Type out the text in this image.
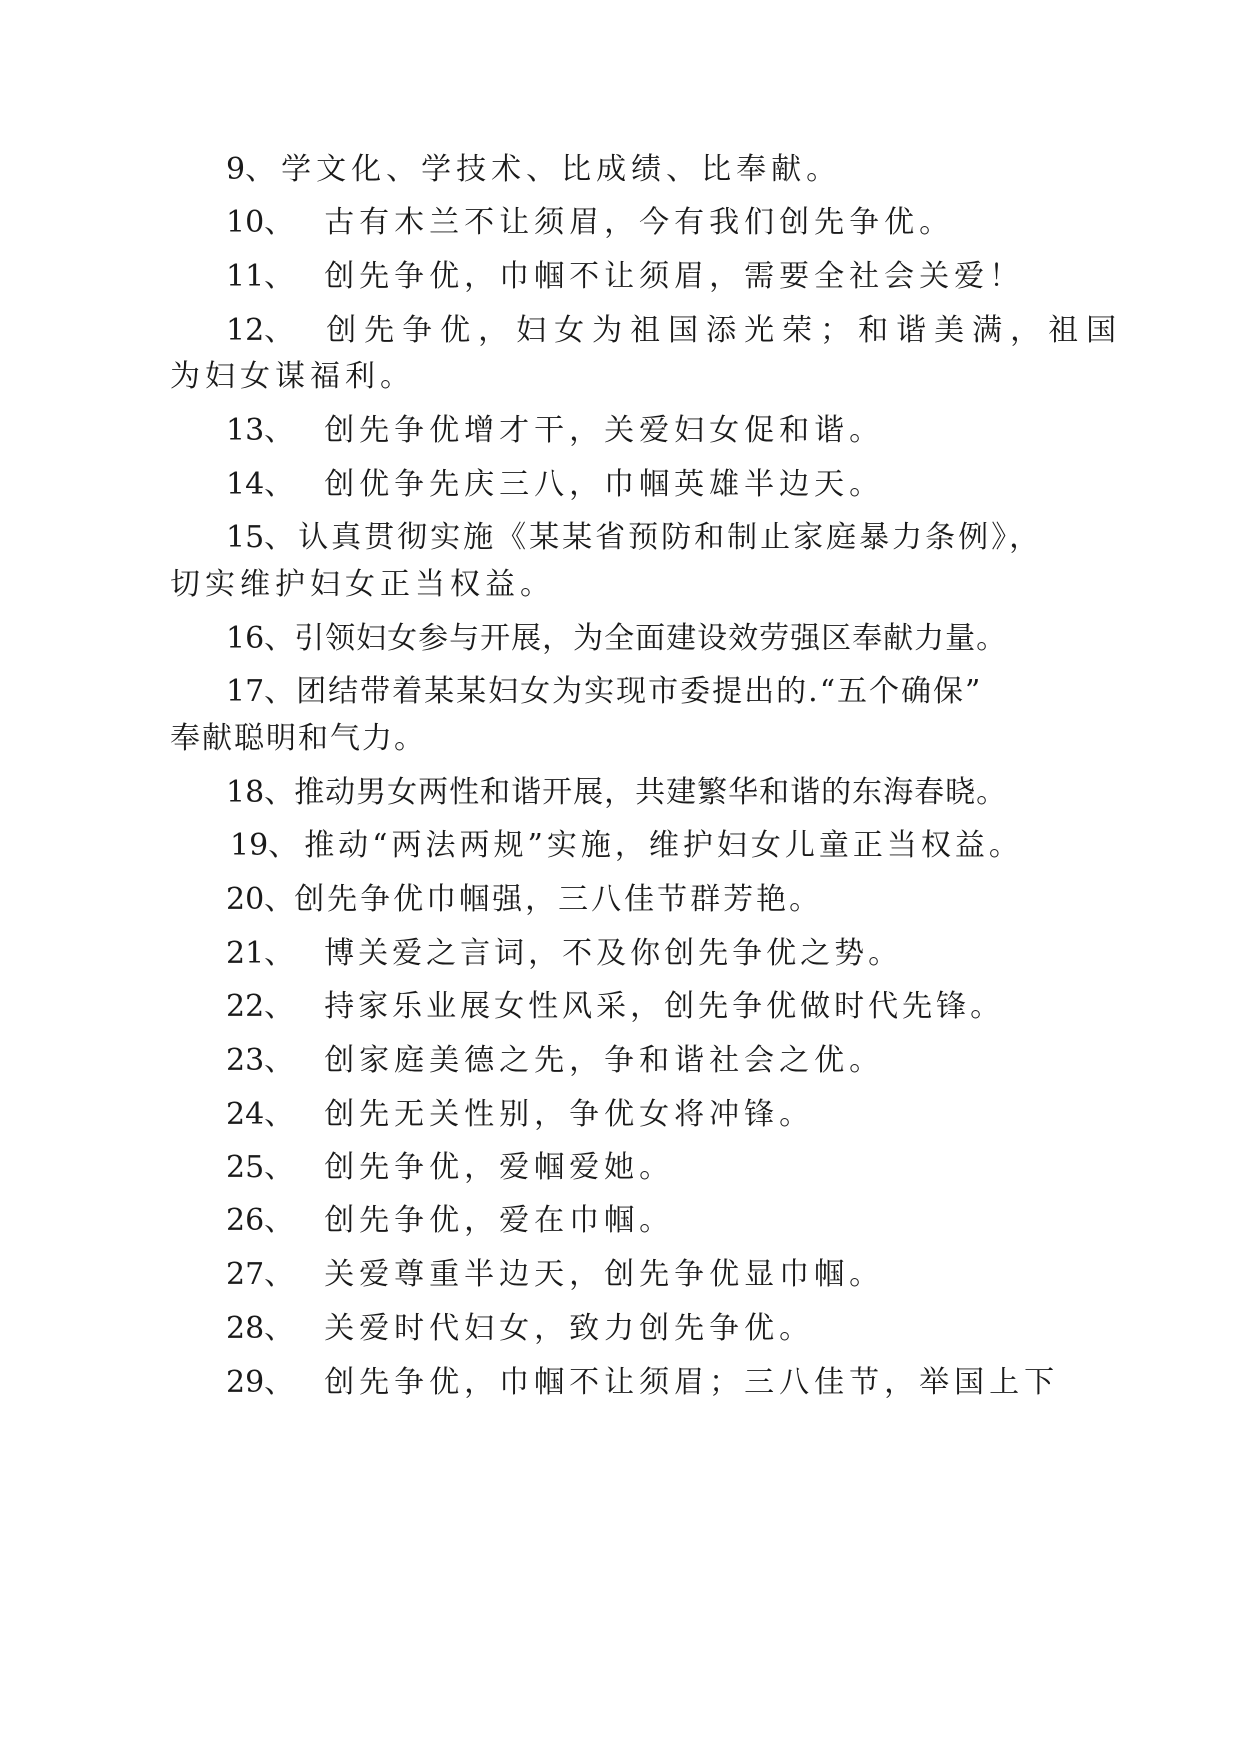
9、 学文化、学技术、比成绩、比奉献。
10、 古有木兰不让须眉，今有我们创先争优。
11、 创先争优，巾帼不让须眉，需要全社会关爱！
12、 创先争优，妇女为祖国添光荣；和谐美满，祖国
为妇女谋福利。
13、 创先争优增才干，关爱妇女促和谐。
14、 创优争先庆三八，巾帼英雄半边天。
15、 认真贯彻实施《某某省预防和制止家庭暴力条例》，
切实维护妇女正当权益。
16、引领妇女参与开展，为全面建设效劳强区奉献力量。
17、团结带着某某妇女为实现市委提出的.“五个确保”
奉献聪明和气力。
18、推动男女两性和谐开展，共建繁华和谐的东海春晓。
19、 推动“两法两规”实施，维护妇女儿童正当权益。
20、创先争优巾帼强，三八佳节群芳艳。
21、 博关爱之言词，不及你创先争优之势。
22、 持家乐业展女性风采，创先争优做时代先锋。
23、 创家庭美德之先，争和谐社会之优。
24、 创先无关性别，争优女将冲锋。
25、 创先争优，爱帼爱她。
26、 创先争优，爱在巾帼。
27、 关爱尊重半边天，创先争优显巾帼。
28、 关爱时代妇女，致力创先争优。
29、 创先争优，巾帼不让须眉；三八佳节，举国上下
